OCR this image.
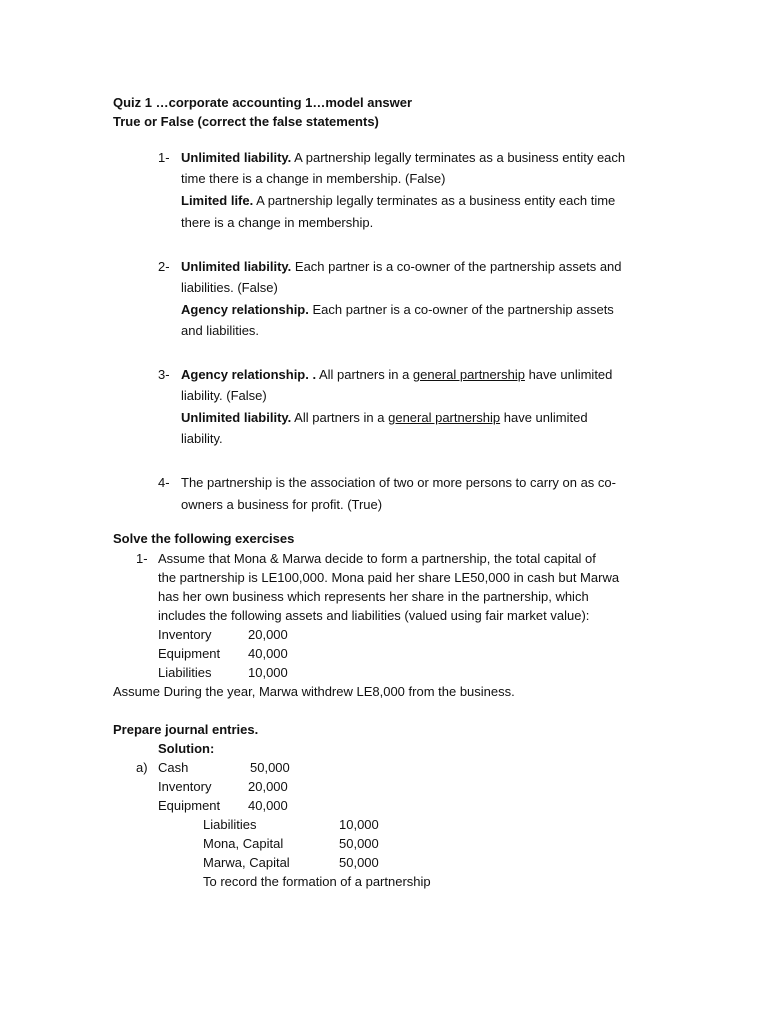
Quiz 1 …corporate accounting 1…model answer
True or False (correct the false statements)
1- Unlimited liability. A partnership legally terminates as a business entity each
time there is a change in membership. (False)
Limited life. A partnership legally terminates as a business entity each time
there is a change in membership.
2- Unlimited liability. Each partner is a co-owner of the partnership assets and
liabilities. (False)
Agency relationship. Each partner is a co-owner of the partnership assets
and liabilities.
3- Agency relationship. . All partners in a general partnership have unlimited
liability. (False)
Unlimited liability. All partners in a general partnership have unlimited
liability.
4- The partnership is the association of two or more persons to carry on as co-
owners a business for profit. (True)
Solve the following exercises
1- Assume that Mona & Marwa decide to form a partnership, the total capital of
the partnership is LE100,000. Mona paid her share LE50,000 in cash but Marwa
has her own business which represents her share in the partnership, which
includes the following assets and liabilities (valued using fair market value):
Inventory	20,000
Equipment 40,000
Liabilities	10,000
Assume During the year, Marwa withdrew LE8,000 from the business.
Prepare journal entries.
Solution:
a) Cash	50,000
Inventory	20,000
Equipment 40,000
Liabilities	10,000
Mona, Capital	50,000
Marwa, Capital	50,000
To record the formation of a partnership
